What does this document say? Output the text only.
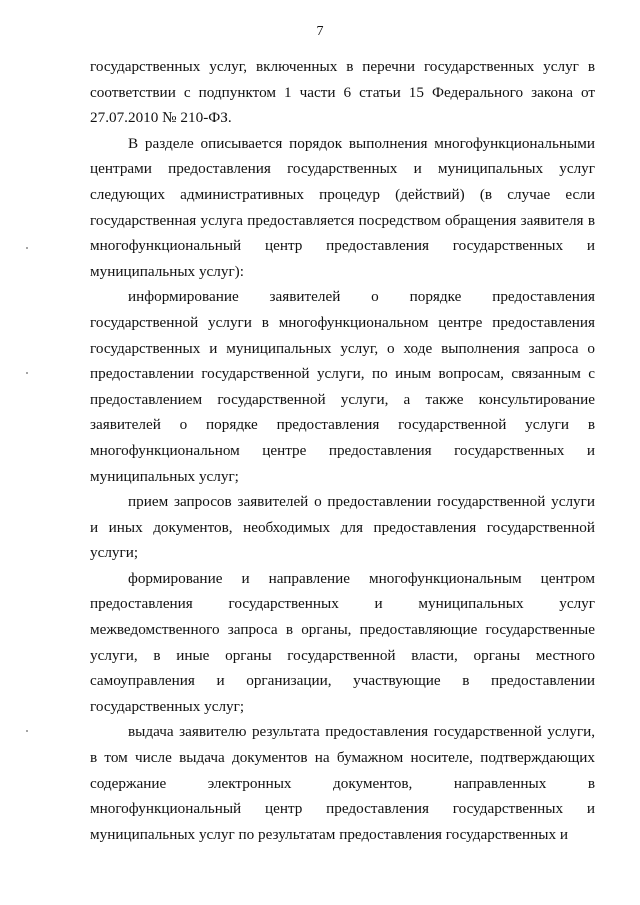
7

государственных услуг, включенных в перечни государственных услуг в соответствии с подпунктом 1 части 6 статьи 15 Федерального закона от 27.07.2010 № 210-ФЗ.

В разделе описывается порядок выполнения многофункциональными центрами предоставления государственных и муниципальных услуг следующих административных процедур (действий) (в случае если государственная услуга предоставляется посредством обращения заявителя в многофункциональный центр предоставления государственных и муниципальных услуг):

информирование заявителей о порядке предоставления государственной услуги в многофункциональном центре предоставления государственных и муниципальных услуг, о ходе выполнения запроса о предоставлении государственной услуги, по иным вопросам, связанным с предоставлением государственной услуги, а также консультирование заявителей о порядке предоставления государственной услуги в многофункциональном центре предоставления государственных и муниципальных услуг;

прием запросов заявителей о предоставлении государственной услуги и иных документов, необходимых для предоставления государственной услуги;

формирование и направление многофункциональным центром предоставления государственных и муниципальных услуг межведомственного запроса в органы, предоставляющие государственные услуги, в иные органы государственной власти, органы местного самоуправления и организации, участвующие в предоставлении государственных услуг;

выдача заявителю результата предоставления государственной услуги, в том числе выдача документов на бумажном носителе, подтверждающих содержание электронных документов, направленных в многофункциональный центр предоставления государственных и муниципальных услуг по результатам предоставления государственных и
